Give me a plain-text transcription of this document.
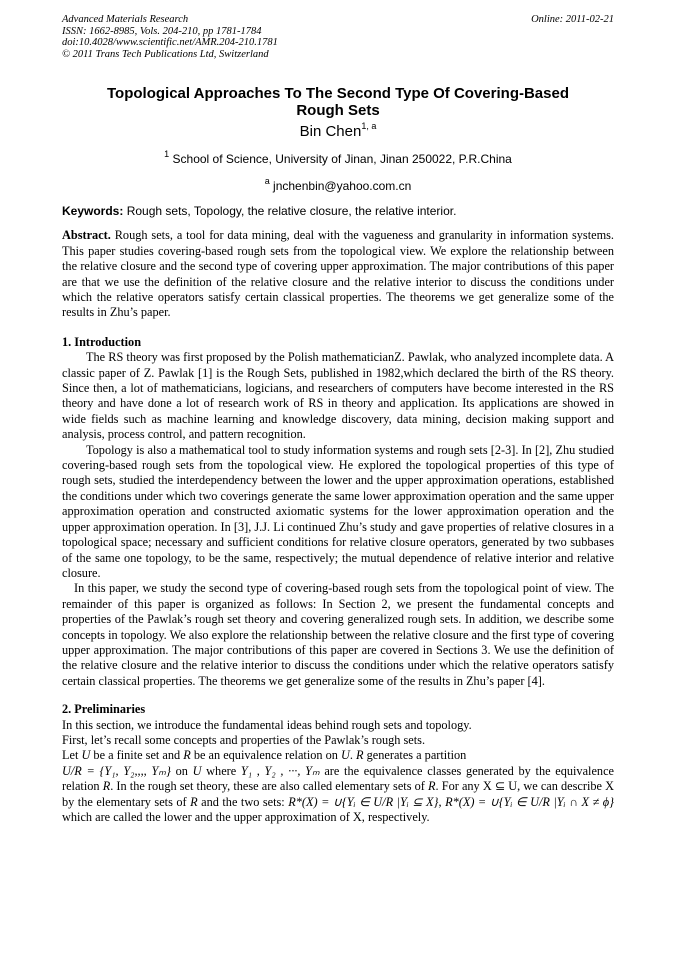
Advanced Materials Research
ISSN: 1662-8985, Vols. 204-210, pp 1781-1784
doi:10.4028/www.scientific.net/AMR.204-210.1781
© 2011 Trans Tech Publications Ltd, Switzerland
Online: 2011-02-21
Topological Approaches To The Second Type Of Covering-Based Rough Sets
Bin Chen$^{1, a}$
$^1$ School of Science, University of Jinan, Jinan 250022, P.R.China
$^a$ jnchenbin@yahoo.com.cn
Keywords: Rough sets, Topology, the relative closure, the relative interior.

Abstract. Rough sets, a tool for data mining, deal with the vagueness and granularity in information systems. This paper studies covering-based rough sets from the topological view. We explore the relationship between the relative closure and the second type of covering upper approximation. The major contributions of this paper are that we use the definition of the relative closure and the relative interior to discuss the conditions under which the relative operators satisfy certain classical properties. The theorems we get generalize some of the results in Zhu’s paper.

1. Introduction

The RS theory was first proposed by the Polish mathematicianZ. Pawlak, who analyzed incomplete data. A classic paper of Z. Pawlak [1] is the Rough Sets, published in 1982,which declared the birth of the RS theory. Since then, a lot of mathematicians, logicians, and researchers of computers have become interested in the RS theory and have done a lot of research work of RS in theory and application. Its applications are showed in wide fields such as machine learning and knowledge discovery, data mining, decision making support and analysis, process control, and pattern recognition.

Topology is also a mathematical tool to study information systems and rough sets [2-3]. In [2], Zhu studied covering-based rough sets from the topological view. He explored the topological properties of this type of rough sets, studied the interdependency between the lower and the upper approximation operations, established the conditions under which two coverings generate the same lower approximation operation and the same upper approximation operation and constructed axiomatic systems for the lower approximation operation and the upper approximation operation. In [3], J.J. Li continued Zhu’s study and gave properties of relative closures in a topological space; necessary and sufficient conditions for relative closure operators, generated by two subbases of the same one topology, to be the same, respectively; the mutual dependence of relative interior and relative closure.

In this paper, we study the second type of covering-based rough sets from the topological point of view. The remainder of this paper is organized as follows: In Section 2, we present the fundamental concepts and properties of the Pawlak’s rough set theory and covering generalized rough sets. In addition, we describe some concepts in topology. We also explore the relationship between the relative closure and the first type of covering upper approximation. The major contributions of this paper are covered in Sections 3. We use the definition of the relative closure and the relative interior to discuss the conditions under which the relative operators satisfy certain classical properties. The theorems we get generalize some of the results in Zhu’s paper [4].

2. Preliminaries

In this section, we introduce the fundamental ideas behind rough sets and topology.

First, let’s recall some concepts and properties of the Pawlak’s rough sets.

Let U be a finite set and R be an equivalence relation on U. R generates a partition

U/R = {Y₁, Y₂,,,, Yₘ} on U where Y₁ , Y₂ , ···, Yₘ are the equivalence classes generated by the equivalence relation R. In the rough set theory, these are also called elementary sets of R. For any X ⊆ U, we can describe X by the elementary sets of R and the two sets: R*(X) = ∪{Yᵢ ∈ U/R |Yᵢ ⊆ X}, R*(X) = ∪{Yᵢ ∈ U/R |Yᵢ ∩ X ≠ ϕ} which are called the lower and the upper approximation of X, respectively.
